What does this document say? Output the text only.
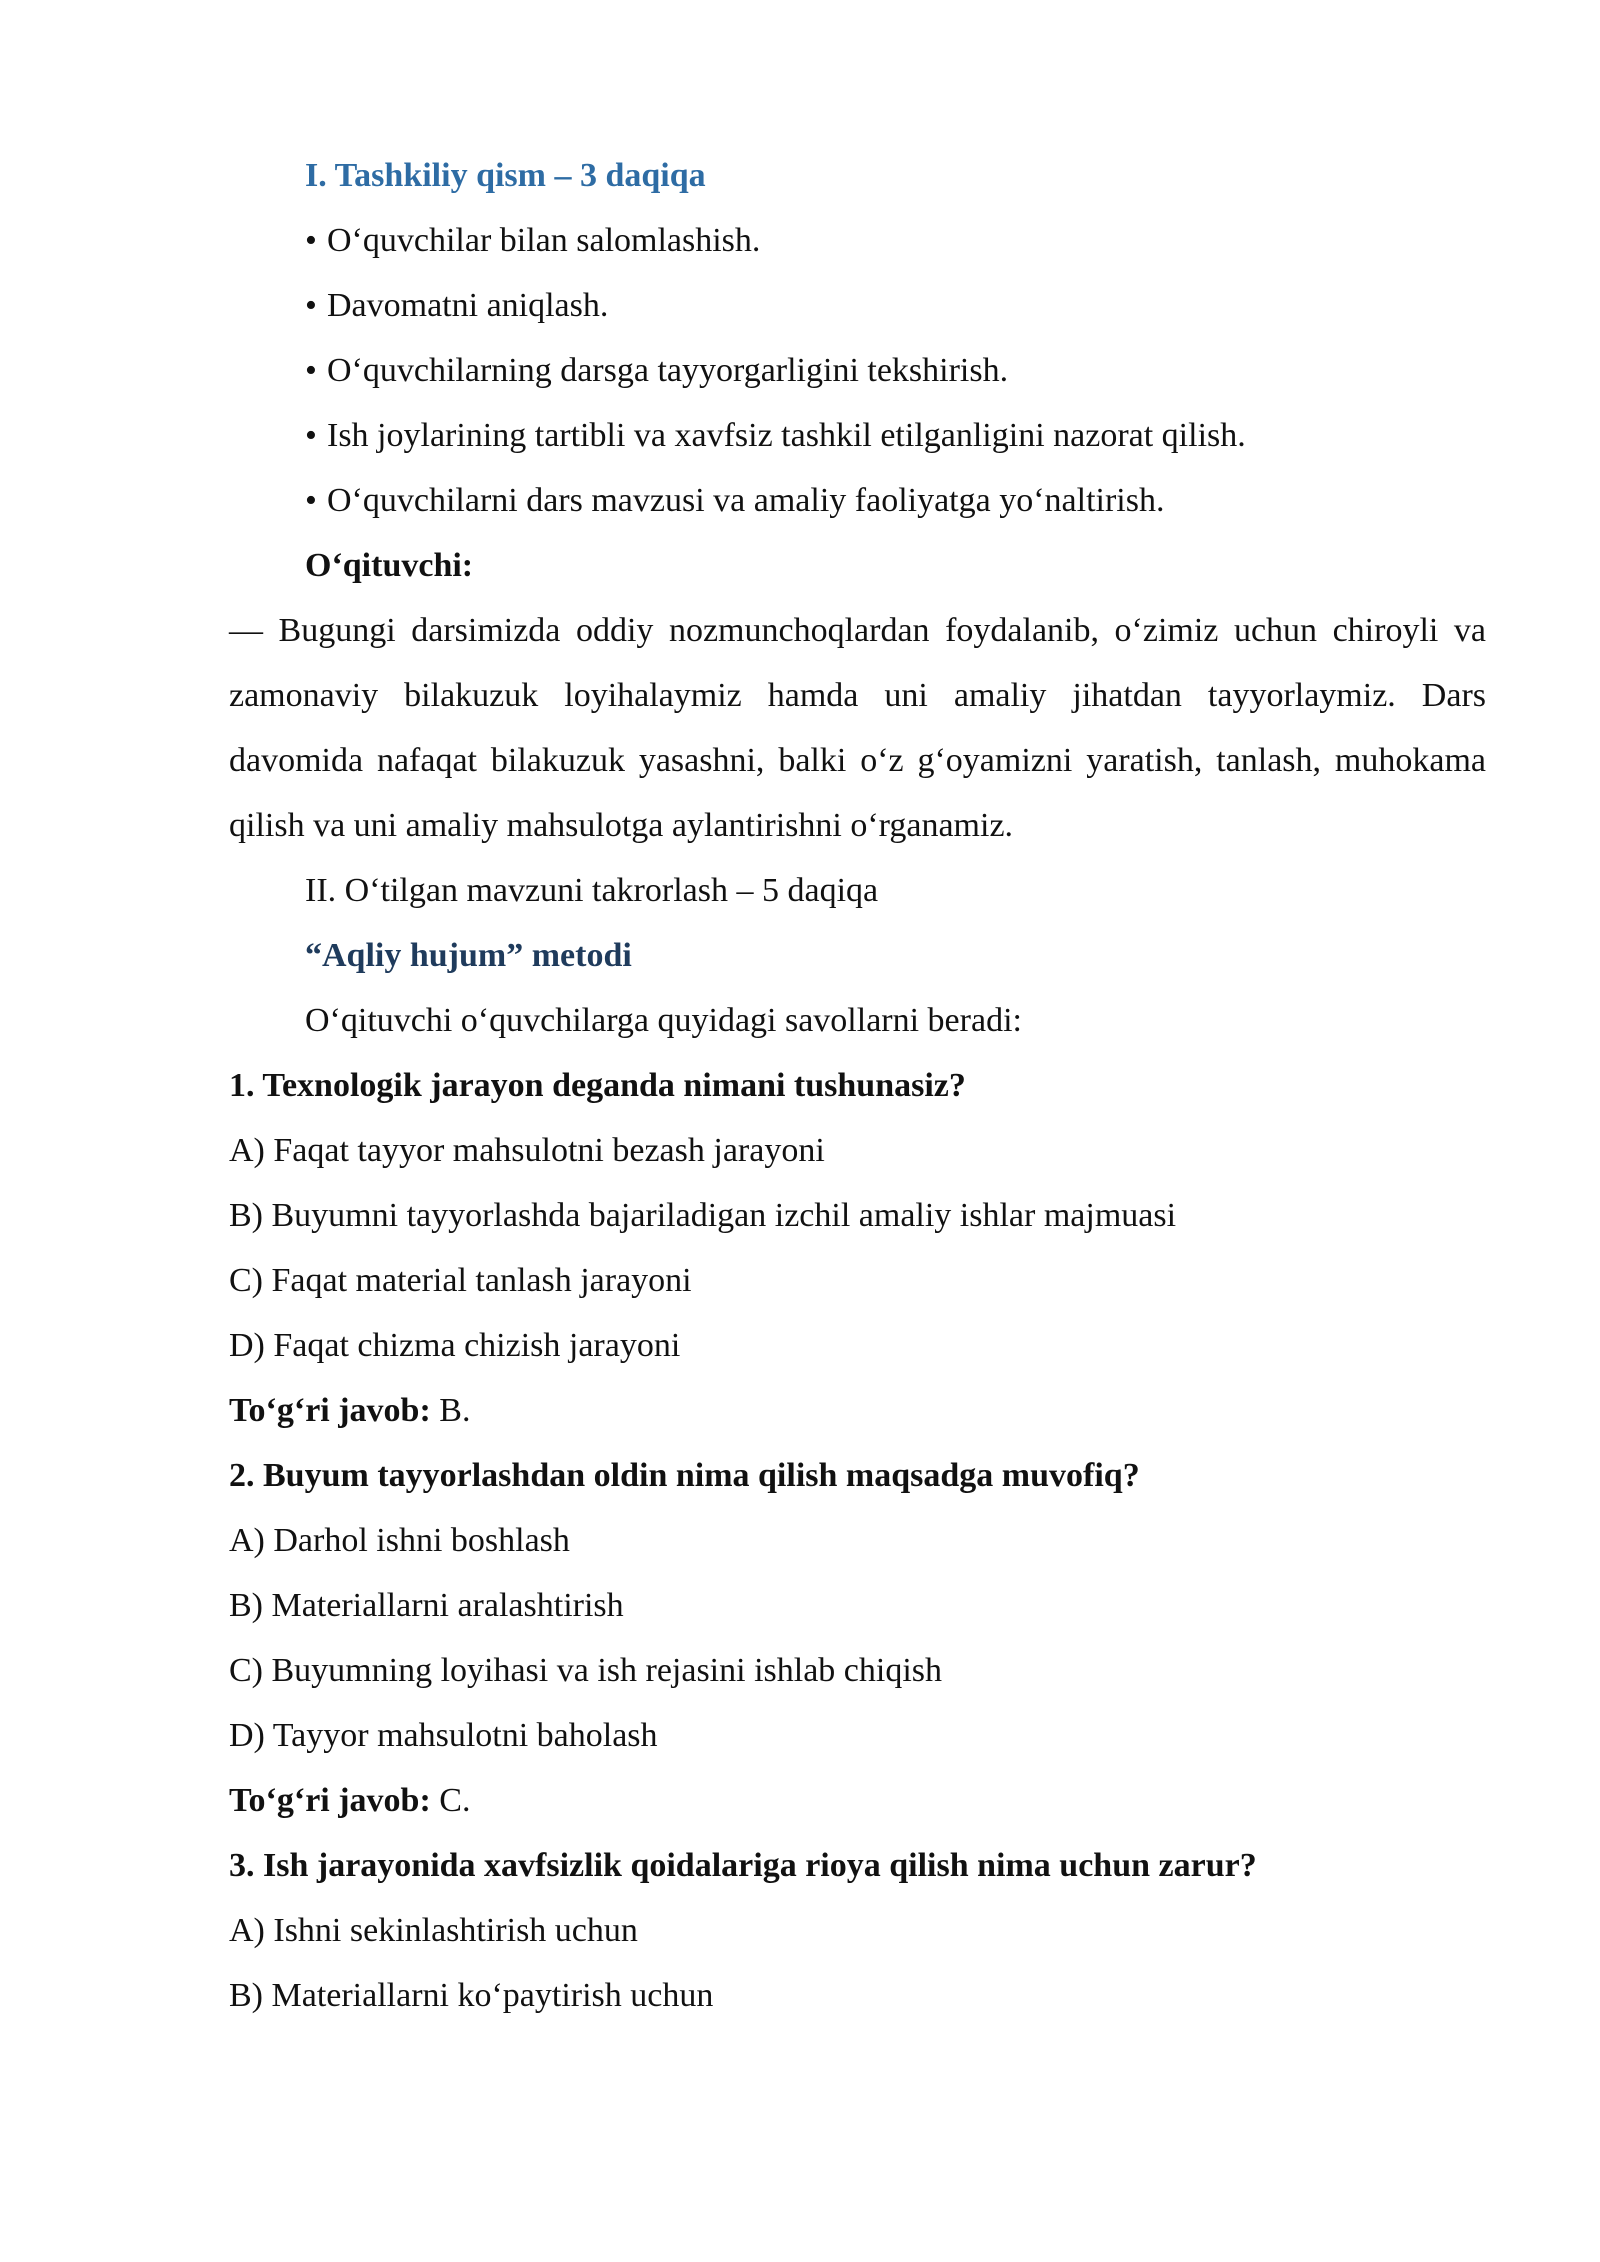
I. Tashkiliy qism – 3 daqiqa

• O‘quvchilar bilan salomlashish.

• Davomatni aniqlash.

• O‘quvchilarning darsga tayyorgarligini tekshirish.

• Ish joylarining tartibli va xavfsiz tashkil etilganligini nazorat qilish.

• O‘quvchilarni dars mavzusi va amaliy faoliyatga yo‘naltirish.

O‘qituvchi:

— Bugungi darsimizda oddiy nozmunchoqlardan foydalanib, o‘zimiz uchun chiroyli va zamonaviy bilakuzuk loyihalaymiz hamda uni amaliy jihatdan tayyorlaymiz. Dars davomida nafaqat bilakuzuk yasashni, balki o‘z g‘oyamizni yaratish, tanlash, muhokama qilish va uni amaliy mahsulotga aylantirishni o‘rganamiz.

II. O‘tilgan mavzuni takrorlash – 5 daqiqa

“Aqliy hujum” metodi

O‘qituvchi o‘quvchilarga quyidagi savollarni beradi:

1. Texnologik jarayon deganda nimani tushunasiz?

A) Faqat tayyor mahsulotni bezash jarayoni

B) Buyumni tayyorlashda bajariladigan izchil amaliy ishlar majmuasi

C) Faqat material tanlash jarayoni

D) Faqat chizma chizish jarayoni

To‘g‘ri javob: B.

2. Buyum tayyorlashdan oldin nima qilish maqsadga muvofiq?

A) Darhol ishni boshlash

B) Materiallarni aralashtirish

C) Buyumning loyihasi va ish rejasini ishlab chiqish

D) Tayyor mahsulotni baholash

To‘g‘ri javob: C.

3. Ish jarayonida xavfsizlik qoidalariga rioya qilish nima uchun zarur?

A) Ishni sekinlashtirish uchun

B) Materiallarni ko‘paytirish uchun
